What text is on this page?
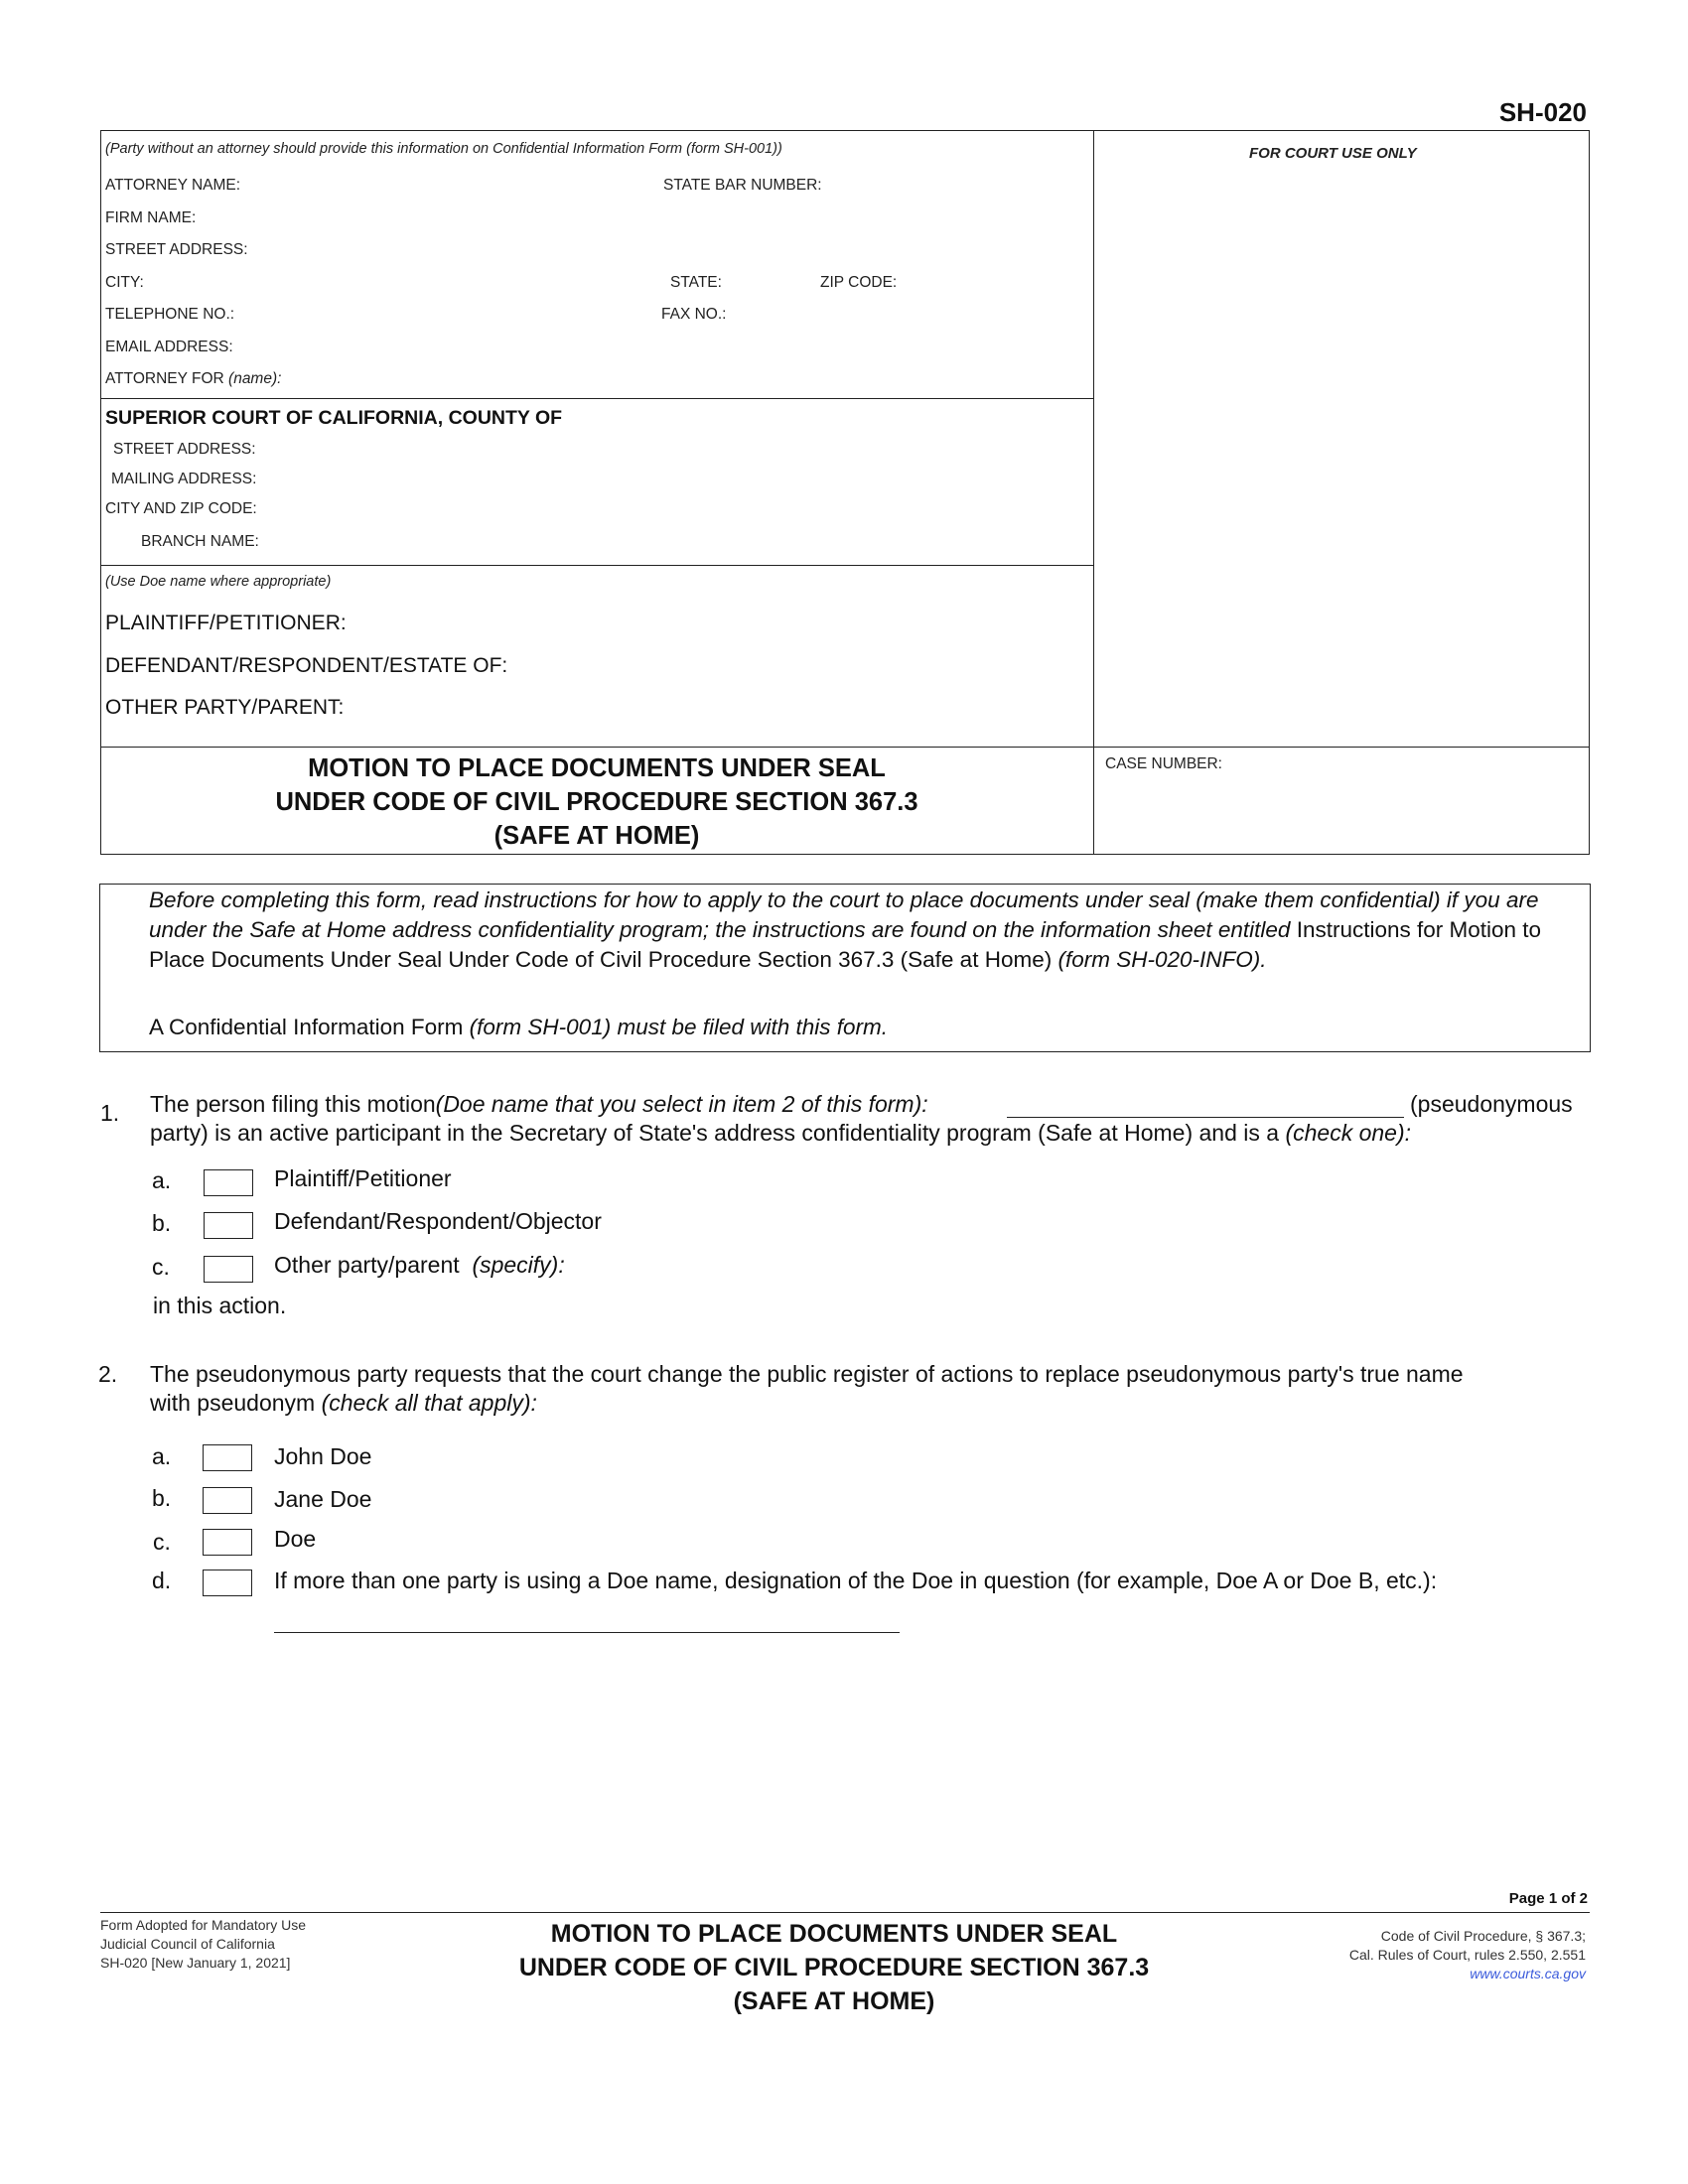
SH-020
(Party without an attorney should provide this information on Confidential Information Form (form SH-001))
ATTORNEY NAME:	STATE BAR NUMBER:
FIRM NAME:
STREET ADDRESS:
CITY:	STATE:	ZIP CODE:
TELEPHONE NO.:	FAX NO.:
EMAIL ADDRESS:
ATTORNEY FOR (name):
FOR COURT USE ONLY
SUPERIOR COURT OF CALIFORNIA, COUNTY OF
STREET ADDRESS:
MAILING ADDRESS:
CITY AND ZIP CODE:
BRANCH NAME:
(Use Doe name where appropriate)
PLAINTIFF/PETITIONER:
DEFENDANT/RESPONDENT/ESTATE OF:
OTHER PARTY/PARENT:
MOTION TO PLACE DOCUMENTS UNDER SEAL
UNDER CODE OF CIVIL PROCEDURE SECTION 367.3
(SAFE AT HOME)
CASE NUMBER:
Before completing this form, read instructions for how to apply to the court to place documents under seal (make them confidential) if you are under the Safe at Home address confidentiality program; the instructions are found on the information sheet entitled Instructions for Motion to Place Documents Under Seal Under Code of Civil Procedure Section 367.3 (Safe at Home) (form SH-020-INFO).
A Confidential Information Form (form SH-001) must be filed with this form.
1. The person filing this motion(Doe name that you select in item 2 of this form):	(pseudonymous
party) is an active participant in the Secretary of State's address confidentiality program (Safe at Home) and is a (check one):
a.	Plaintiff/Petitioner
b.	Defendant/Respondent/Objector
c.	Other party/parent (specify):
in this action.
2. The pseudonymous party requests that the court change the public register of actions to replace pseudonymous party's true name
with pseudonym (check all that apply):
a.	John Doe
b.	Jane Doe
c.	Doe
d.	If more than one party is using a Doe name, designation of the Doe in question (for example, Doe A or Doe B, etc.):
Page 1 of 2
Form Adopted for Mandatory Use
Judicial Council of California
SH-020 [New January 1, 2021]
MOTION TO PLACE DOCUMENTS UNDER SEAL
UNDER CODE OF CIVIL PROCEDURE SECTION 367.3
(SAFE AT HOME)
Code of Civil Procedure, § 367.3;
Cal. Rules of Court, rules 2.550, 2.551
www.courts.ca.gov
